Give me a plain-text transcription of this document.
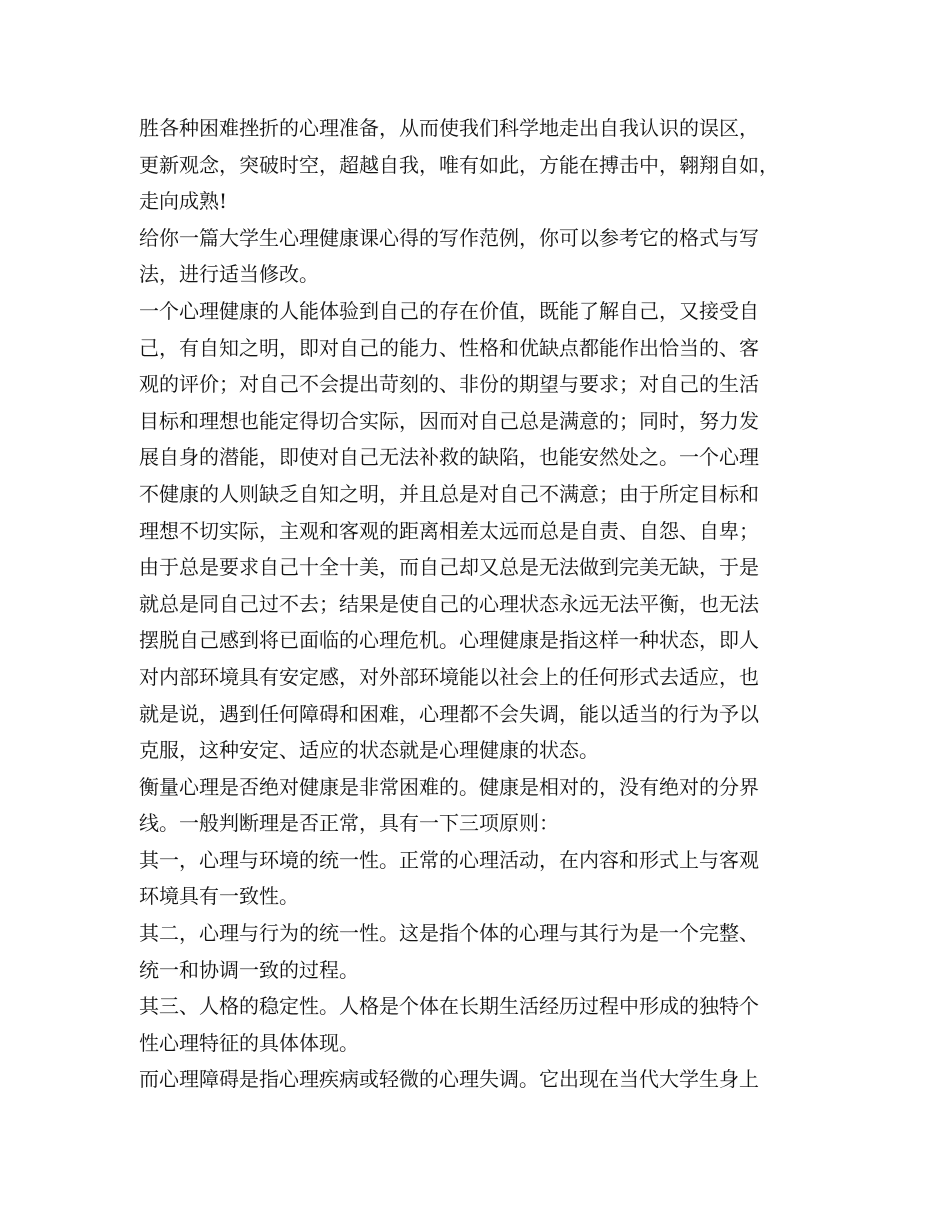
胜各种困难挫折的心理准备，从而使我们科学地走出自我认识的误区，
更新观念，突破时空，超越自我，唯有如此，方能在搏击中，翱翔自如，
走向成熟!
给你一篇大学生心理健康课心得的写作范例，你可以参考它的格式与写
法，进行适当修改。
一个心理健康的人能体验到自己的存在价值，既能了解自己，又接受自
己，有自知之明，即对自己的能力、性格和优缺点都能作出恰当的、客
观的评价；对自己不会提出苛刻的、非份的期望与要求；对自己的生活
目标和理想也能定得切合实际，因而对自己总是满意的；同时，努力发
展自身的潜能，即使对自己无法补救的缺陷，也能安然处之。一个心理
不健康的人则缺乏自知之明，并且总是对自己不满意；由于所定目标和
理想不切实际，主观和客观的距离相差太远而总是自责、自怨、自卑；
由于总是要求自己十全十美，而自己却又总是无法做到完美无缺，于是
就总是同自己过不去；结果是使自己的心理状态永远无法平衡，也无法
摆脱自己感到将已面临的心理危机。心理健康是指这样一种状态，即人
对内部环境具有安定感，对外部环境能以社会上的任何形式去适应，也
就是说，遇到任何障碍和困难，心理都不会失调，能以适当的行为予以
克服，这种安定、适应的状态就是心理健康的状态。
衡量心理是否绝对健康是非常困难的。健康是相对的，没有绝对的分界
线。一般判断理是否正常，具有一下三项原则：
其一，心理与环境的统一性。正常的心理活动，在内容和形式上与客观
环境具有一致性。
其二，心理与行为的统一性。这是指个体的心理与其行为是一个完整、
统一和协调一致的过程。
其三、人格的稳定性。人格是个体在长期生活经历过程中形成的独特个
性心理特征的具体体现。
而心理障碍是指心理疾病或轻微的心理失调。它出现在当代大学生身上
